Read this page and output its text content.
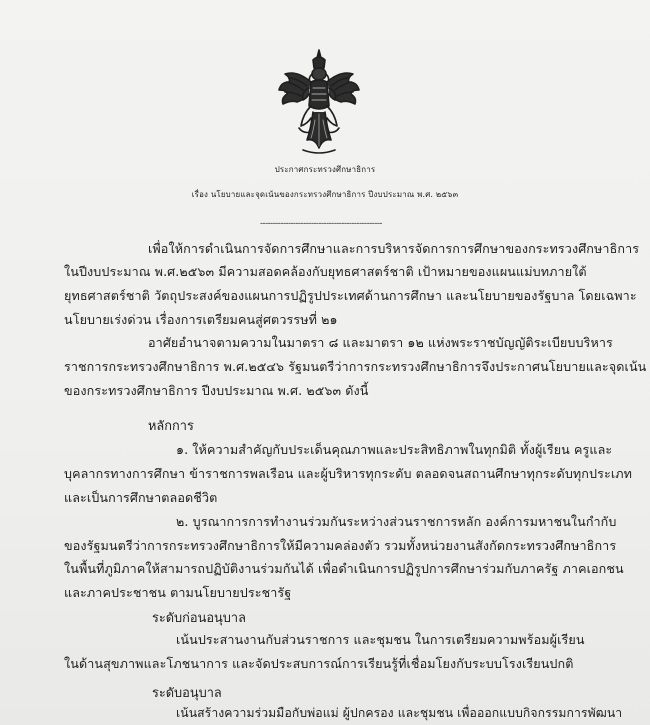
ประกาศกระทรวงศึกษาธิการ
เรื่อง นโยบายและจุดเน้นของกระทรวงศึกษาธิการ ปีงบประมาณ พ.ศ. ๒๕๖๓
------------------------------------------------
เพื่อให้การดำเนินการจัดการศึกษาและการบริหารจัดการการศึกษาของกระทรวงศึกษาธิการ
ในปีงบประมาณ พ.ศ.๒๕๖๓ มีความสอดคล้องกับยุทธศาสตร์ชาติ เป้าหมายของแผนแม่บทภายใต้
ยุทธศาสตร์ชาติ วัตถุประสงค์ของแผนการปฏิรูปประเทศด้านการศึกษา และนโยบายของรัฐบาล โดยเฉพาะ
นโยบายเร่งด่วน เรื่องการเตรียมคนสู่ศตวรรษที่ ๒๑
อาศัยอำนาจตามความในมาตรา ๘ และมาตรา ๑๒ แห่งพระราชบัญญัติระเบียบบริหาร
ราชการกระทรวงศึกษาธิการ พ.ศ.๒๕๔๖ รัฐมนตรีว่าการกระทรวงศึกษาธิการจึงประกาศนโยบายและจุดเน้น
ของกระทรวงศึกษาธิการ ปีงบประมาณ พ.ศ. ๒๕๖๓ ดังนี้
หลักการ
๑. ให้ความสำคัญกับประเด็นคุณภาพและประสิทธิภาพในทุกมิติ ทั้งผู้เรียน ครูและ
บุคลากรทางการศึกษา ข้าราชการพลเรือน และผู้บริหารทุกระดับ ตลอดจนสถานศึกษาทุกระดับทุกประเภท
และเป็นการศึกษาตลอดชีวิต
๒. บูรณาการการทำงานร่วมกันระหว่างส่วนราชการหลัก องค์การมหาชนในกำกับ
ของรัฐมนตรีว่าการกระทรวงศึกษาธิการให้มีความคล่องตัว รวมทั้งหน่วยงานสังกัดกระทรวงศึกษาธิการ
ในพื้นที่ภูมิภาคให้สามารถปฏิบัติงานร่วมกันได้ เพื่อดำเนินการปฏิรูปการศึกษาร่วมกับภาครัฐ ภาคเอกชน
และภาคประชาชน ตามนโยบายประชารัฐ
ระดับก่อนอนุบาล
เน้นประสานงานกับส่วนราชการ และชุมชน ในการเตรียมความพร้อมผู้เรียน
ในด้านสุขภาพและโภชนาการ และจัดประสบการณ์การเรียนรู้ที่เชื่อมโยงกับระบบโรงเรียนปกติ
ระดับอนุบาล
เน้นสร้างความร่วมมือกับพ่อแม่ ผู้ปกครอง และชุมชน เพื่อออกแบบกิจกรรมการพัฒนา
